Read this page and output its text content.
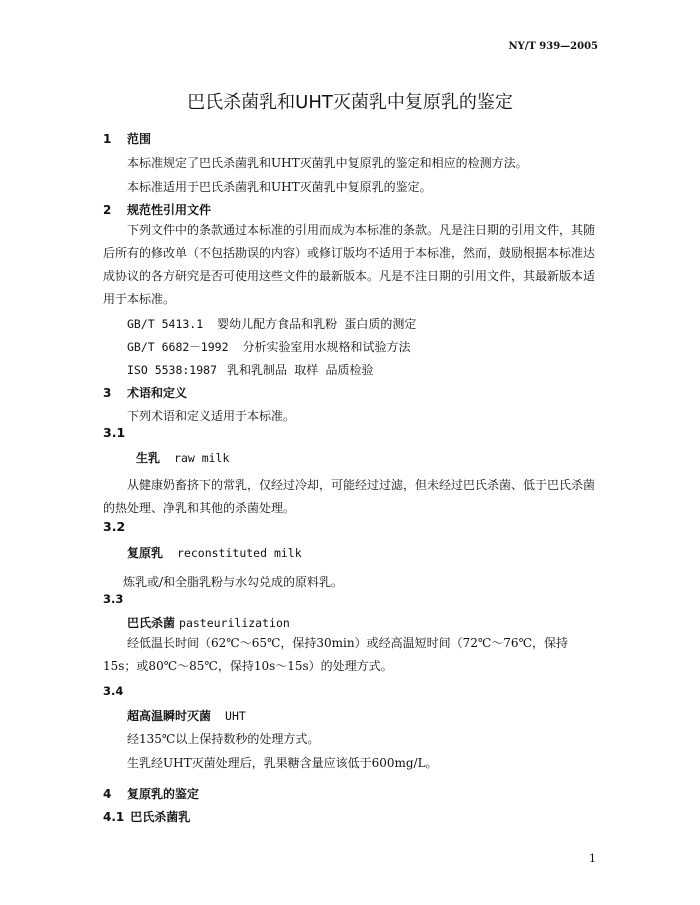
NY/T 939—2005
巴氏杀菌乳和UHT灭菌乳中复原乳的鉴定
1 范围
本标准规定了巴氏杀菌乳和UHT灭菌乳中复原乳的鉴定和相应的检测方法。
本标准适用于巴氏杀菌乳和UHT灭菌乳中复原乳的鉴定。
2 规范性引用文件
下列文件中的条款通过本标准的引用而成为本标准的条款。凡是注日期的引用文件，其随后所有的修改单（不包括勘误的内容）或修订版均不适用于本标准，然而，鼓励根据本标准达成协议的各方研究是否可使用这些文件的最新版本。凡是不注日期的引用文件，其最新版本适用于本标准。
GB/T 5413.1 婴幼儿配方食品和乳粉 蛋白质的测定
GB/T 6682－1992 分析实验室用水规格和试验方法
ISO 5538:1987 乳和乳制品 取样 品质检验
3 术语和定义
下列术语和定义适用于本标准。
3.1
生乳 raw milk
从健康奶畜挤下的常乳，仅经过冷却，可能经过过滤，但未经过巴氏杀菌、低于巴氏杀菌的热处理、净乳和其他的杀菌处理。
3.2
复原乳 reconstituted milk
炼乳或/和全脂乳粉与水勾兑成的原料乳。
3.3
巴氏杀菌 pasteurilization
经低温长时间（62℃～65℃，保持30min）或经高温短时间（72℃～76℃，保持15s；或80℃～85℃，保持10s～15s）的处理方式。
3.4
超高温瞬时灭菌 UHT
经135℃以上保持数秒的处理方式。
生乳经UHT灭菌处理后，乳果糖含量应该低于600mg/L。
4 复原乳的鉴定
4.1 巴氏杀菌乳
1
